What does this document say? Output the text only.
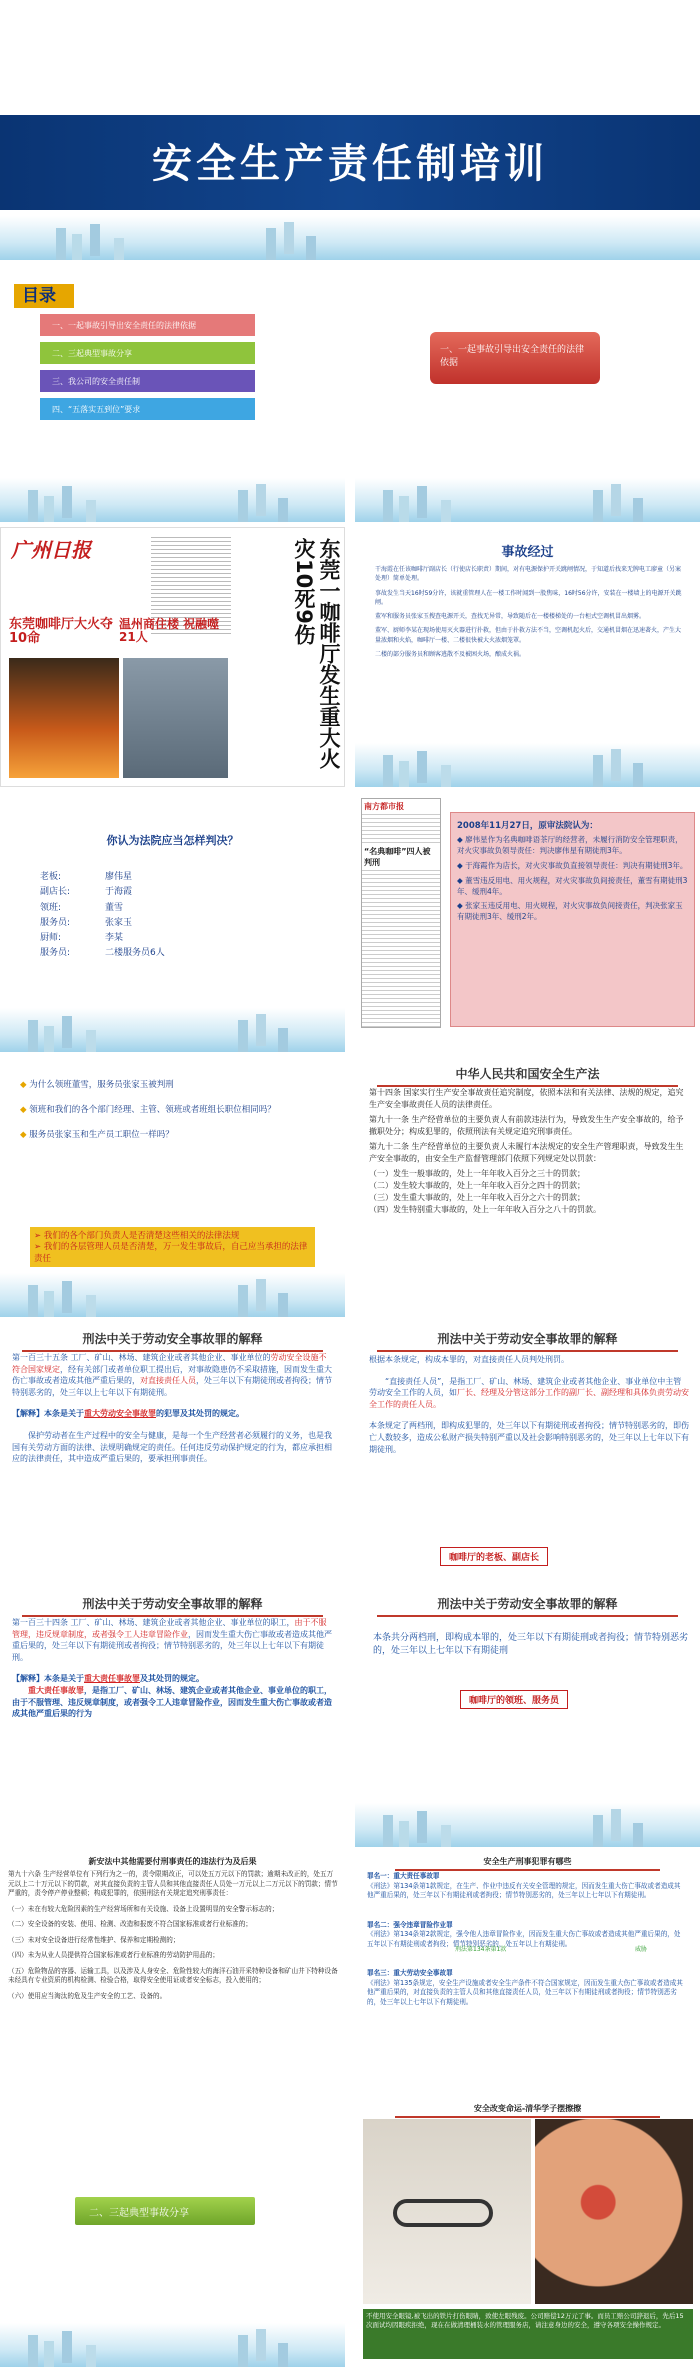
安全生产责任制培训
目录
一、一起事故引导出安全责任的法律依据
二、三起典型事故分享
三、我公司的安全责任制
四、“五落实五到位”要求
一、一起事故引导出安全责任的法律依据
广州日报
东莞咖啡厅大火夺10命
温州商住楼 祝融噬21人	东莞一咖啡厅发生重大火灾10死9伤	事故经过
干海霞在任该咖啡厅副店长（行使店长职责）期间，对有电源保护开关跳闸情况，于知道后找来无牌电工廖童（另案处理）简单处理。
事故发生当天16时59分许，该就重管理人在一楼工作时闻到一股焦味，16时56分许，安装在一楼墙上的电源开关跳闸。
董军和服务员张家玉搜查电源开关，查找无异常，导致随后在一楼楼梯处的一台柜式空调机冒出烟雾。
董军、厨师李某在现场使用灭火器进行扑救，但由于扑救方法不当，空调机起火后，交通机冒烟在迅速著火，产生大量浓烟和火焰，咖啡厅一楼、二楼很快被大火浓烟笼罩。
二楼的部分服务员和顾客逃散不及被困火场，酿成火祸。
你认为法院应当怎样判决？
老板:	廖伟星
副店长:	于海霞
领班:	董雪
服务员:	张家玉
厨师:	李某
服务员:	二楼服务员6人
南方都市报
“名典咖啡”四人被判刑
2008年11月27日，原审法院认为：
◆ 廖伟星作为名典咖啡语茶厅的经营者，未履行消防安全管理职责，对火灾事故负领导责任：判决廖伟星有期徒刑3年。
◆ 于海霞作为店长，对火灾事故负直接领导责任：判决有期徒刑3年。
◆ 董雪违反用电、用火规程，对火灾事故负间接责任，董雪有期徒刑3年、缓刑4年。
◆ 张家玉违反用电、用火规程，对火灾事故负间接责任，判决张家玉有期徒刑3年、缓刑2年。
◆ 为什么领班董雪，服务员张家玉被判刑
◆ 领班和我们的各个部门经理、主管、领班或者班组长职位相同吗？
◆ 服务员张家玉和生产员工职位一样吗？
➢ 我们的各个部门负责人是否清楚这些相关的法律法规
➢ 我们的各层管理人员是否清楚，万一发生事故后，自己应当承担的法律责任
中华人民共和国安全生产法
第十四条 国家实行生产安全事故责任追究制度，依照本法和有关法律、法规的规定，追究生产安全事故责任人员的法律责任。
第九十一条 生产经营单位的主要负责人有前款违法行为，导致发生生产安全事故的，给予撤职处分；构成犯罪的，依照刑法有关规定追究刑事责任。
第九十二条 生产经营单位的主要负责人未履行本法规定的安全生产管理职责，导致发生生产安全事故的，由安全生产监督管理部门依照下列规定处以罚款：
（一）发生一般事故的，处上一年年收入百分之三十的罚款；
（二）发生较大事故的，处上一年年收入百分之四十的罚款；
（三）发生重大事故的，处上一年年收入百分之六十的罚款；
（四）发生特别重大事故的，处上一年年收入百分之八十的罚款。
刑法中关于劳动安全事故罪的解释

第一百三十五条 工厂、矿山、林场、建筑企业或者其他企业、事业单位的劳动安全设施不符合国家规定，经有关部门或者单位职工提出后，对事故隐患仍不采取措施，因而发生重大伤亡事故或者造成其他严重后果的，对直接责任人员，处三年以下有期徒刑或者拘役；情节特别恶劣的，处三年以上七年以下有期徒刑。

【解释】本条是关于重大劳动安全事故罪的犯罪及其处罚的规定。

保护劳动者在生产过程中的安全与健康，是每一个生产经营者必须履行的义务，也是我国有关劳动方面的法律、法规明确规定的责任。任何违反劳动保护规定的行为，都应承担相应的法律责任，其中造成严重后果的，要承担刑事责任。

刑法中关于劳动安全事故罪的解释

根据本条规定，构成本罪的，对直接责任人员判处刑罚。

“直接责任人员”，是指工厂、矿山、林场、建筑企业或者其他企业、事业单位中主管劳动安全工作的人员，如厂长、经理及分管这部分工作的副厂长、副经理和具体负责劳动安全工作的责任人员。

本条规定了两档刑，即构成犯罪的，处三年以下有期徒刑或者拘役；情节特别恶劣的，即伤亡人数较多，造成公私财产损失特别严重以及社会影响特别恶劣的，处三年以上七年以下有期徒刑。

咖啡厅的老板、副店长
刑法中关于劳动安全事故罪的解释

第一百三十四条 工厂、矿山、林场、建筑企业或者其他企业、事业单位的职工，由于不服管理，违反规章制度，或者强令工人违章冒险作业，因而发生重大伤亡事故或者造成其他严重后果的，处三年以下有期徒刑或者拘役；情节特别恶劣的，处三年以上七年以下有期徒刑。

【解释】本条是关于重大责任事故罪及其处罚的规定。

重大责任事故罪，是指工厂、矿山、林场、建筑企业或者其他企业、事业单位的职工，由于不服管理、违反规章制度，或者强令工人违章冒险作业，因而发生重大伤亡事故或者造成其他严重后果的行为

刑法中关于劳动安全事故罪的解释
本条共分两档刑，即构成本罪的，处三年以下有期徒刑或者拘役；情节特别恶劣的，处三年以上七年以下有期徒刑
咖啡厅的领班、服务员
新安法中其他需要付刑事责任的违法行为及后果

第九十六条 生产经营单位有下列行为之一的，责令限期改正，可以处五万元以下的罚款；逾期未改正的，处五万元以上二十万元以下的罚款，对其直接负责的主管人员和其他直接责任人员处一万元以上二万元以下的罚款；情节严重的，责令停产停业整顿；构成犯罪的，依照刑法有关规定追究刑事责任：

（一）未在有较大危险因素的生产经营场所和有关设施、设备上设置明显的安全警示标志的；

（二）安全设备的安装、使用、检测、改造和报废不符合国家标准或者行业标准的；

（三）未对安全设备进行经常性维护、保养和定期检测的；

（四）未为从业人员提供符合国家标准或者行业标准的劳动防护用品的；

（五）危险物品的容器、运输工具，以及涉及人身安全、危险性较大的海洋石油开采特种设备和矿山井下特种设备未经具有专业资质的机构检测、检验合格，取得安全使用证或者安全标志，投入使用的；

（六）使用应当淘汰的危及生产安全的工艺、设备的。

安全生产刑事犯罪有哪些
罪名一：重大责任事故罪
《刑法》第134条第1款规定，在生产、作业中违反有关安全管理的规定，因而发生重大伤亡事故或者造成其他严重后果的，处三年以下有期徒刑或者拘役；情节特别恶劣的，处三年以上七年以下有期徒刑。
罪名二：强令违章冒险作业罪
《刑法》第134条第2款规定，强令他人违章冒险作业，因而发生重大伤亡事故或者造成其他严重后果的，处五年以下有期徒刑或者拘役；情节特别恶劣的，处五年以上有期徒刑。
罪名三：重大劳动安全事故罪
《刑法》第135条规定，安全生产设施或者安全生产条件不符合国家规定，因而发生重大伤亡事故或者造成其他严重后果的，对直接负责的主管人员和其他直接责任人员，处三年以下有期徒刑或者拘役；情节特别恶劣的，处三年以上七年以下有期徒刑。
刑法第134条第1款	威胁
二、三起典型事故分享
安全改变命运-清华学子摆擦擦
不使用安全眼镜,被飞出的铁片打伤眼睛，致使左眼残废。公司赔偿12万元了事。而员工赔公司辞退后，先后15次面试均因眼疾拒绝，现在在做清理桶装水的管理服务店，请注意身边的安全，遵守各项安全操作规定。
